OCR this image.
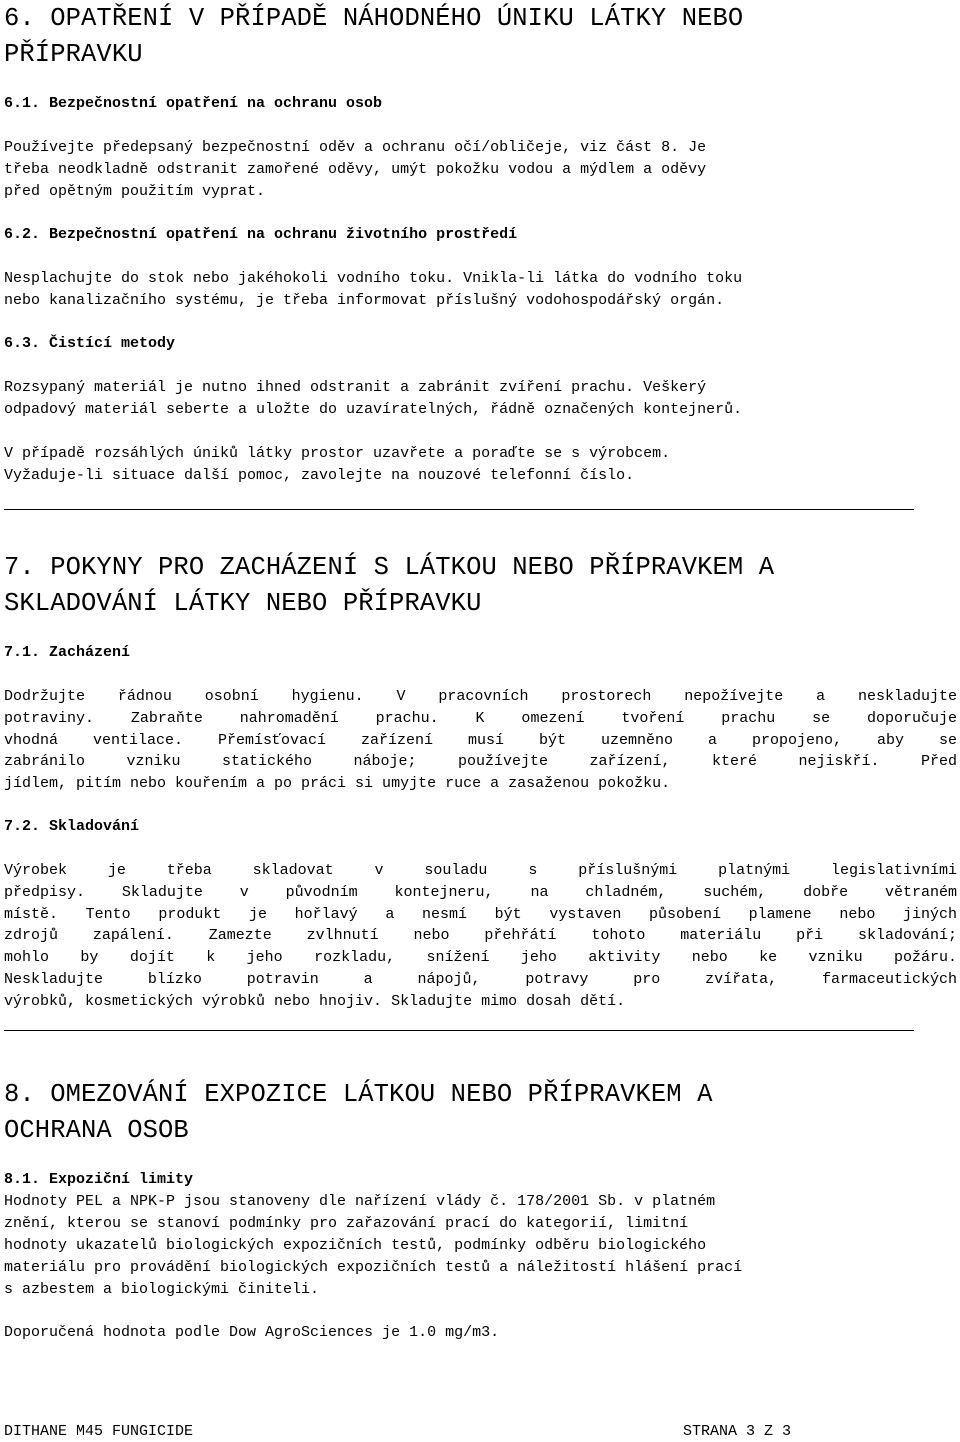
6. OPATŘENÍ V PŘÍPADĚ NÁHODNÉHO ÚNIKU LÁTKY NEBO
PŘÍPRAVKU
6.1. Bezpečnostní opatření na ochranu osob
Používejte předepsaný bezpečnostní oděv a ochranu očí/obličeje, viz část 8. Je
třeba neodkladně odstranit zamořené oděvy, umýt pokožku vodou a mýdlem a oděvy
před opětným použitím vyprat.
6.2. Bezpečnostní opatření na ochranu životního prostředí
Nesplachujte do stok nebo jakéhokoli vodního toku. Vnikla-li látka do vodního toku
nebo kanalizačního systému, je třeba informovat příslušný vodohospodářský orgán.
6.3. Čistící metody
Rozsypaný materiál je nutno ihned odstranit a zabránit zvíření prachu. Veškerý
odpadový materiál seberte a uložte do uzavíratelných, řádně označených kontejnerů.
V případě rozsáhlých úniků látky prostor uzavřete a poraďte se s výrobcem.
Vyžaduje-li situace další pomoc, zavolejte na nouzové telefonní číslo.
7. POKYNY PRO ZACHÁZENÍ S LÁTKOU NEBO PŘÍPRAVKEM A
SKLADOVÁNÍ LÁTKY NEBO PŘÍPRAVKU
7.1. Zacházení
Dodržujte řádnou osobní hygienu. V pracovních prostorech nepožívejte a neskladujte
potraviny. Zabraňte nahromadění prachu. K omezení tvoření prachu se doporučuje
vhodná ventilace. Přemísťovací zařízení musí být uzemněno a propojeno, aby se
zabránilo vzniku statického náboje; používejte zařízení, které nejiskří. Před
jídlem, pitím nebo kouřením a po práci si umyjte ruce a zasaženou pokožku.
7.2. Skladování
Výrobek je třeba skladovat v souladu s příslušnými platnými legislativními
předpisy. Skladujte v původním kontejneru, na chladném, suchém, dobře větraném
místě. Tento produkt je hořlavý a nesmí být vystaven působení plamene nebo jiných
zdrojů zapálení. Zamezte zvlhnutí nebo přehřátí tohoto materiálu při skladování;
mohlo by dojít k jeho rozkladu, snížení jeho aktivity nebo ke vzniku požáru.
Neskladujte blízko potravin a nápojů, potravy pro zvířata, farmaceutických
výrobků, kosmetických výrobků nebo hnojiv. Skladujte mimo dosah dětí.
8. OMEZOVÁNÍ EXPOZICE LÁTKOU NEBO PŘÍPRAVKEM A
OCHRANA OSOB
8.1. Expoziční limity
Hodnoty PEL a NPK-P jsou stanoveny dle nařízení vlády č. 178/2001 Sb. v platném
znění, kterou se stanoví podmínky pro zařazování prací do kategorií, limitní
hodnoty ukazatelů biologických expozičních testů, podmínky odběru biologického
materiálu pro provádění biologických expozičních testů a náležitostí hlášení prací
s azbestem a biologickými činiteli.
Doporučená hodnota podle Dow AgroSciences je 1.0 mg/m3.
DITHANE M45 FUNGICIDE	STRANA 3 Z 3
